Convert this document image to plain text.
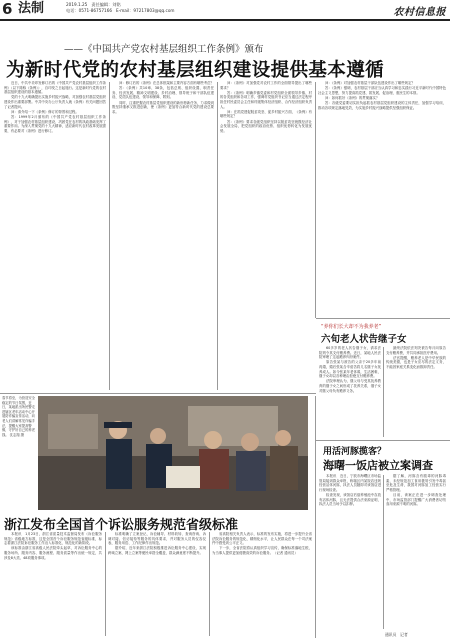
6 法制	2019.1.25 责任编辑：刘铭
电话：0571-86757166 E-mail：97217803@qq.com	农村信息报
——《中国共产党农村基层组织工作条例》颁布
为新时代党的农村基层组织建设提供基本遵循

近日，中共中央印发修订后的《中国共产党农村基层组织工作条例》（以下简称《条例》），自印发之日起施行。这是新时代党的农村基层组织建设的基本遵循。

党的十九大明确提出实施乡村振兴战略，对加强农村基层党组织建设作出重要部署。中共中央办公厅负责人就《条例》有关问题回答了记者提问。

问：请介绍一下《条例》修订的背景和过程。

答：1999年2月颁布的《中国共产党农村基层组织工作条例》，对于加强农村基层组织建设、巩固党在农村的执政基础发挥了重要作用。为深入贯彻党的十九大精神，适应新时代农村改革发展需要，有必要对《条例》进行修订。

问：修订后的《条例》在总体框架和主要内容方面有哪些考虑？

答：《条例》共10章、38条，包括总则、组织设置、职责任务、经济发展、精神文明建设、乡村治理、领导班子和干部队伍建设、党员队伍建设、领导和保障、附则。

同时，注重把握农村基层党组织建设的新形势新任务，力求做到既坚持继承又推进创新，使《条例》更加符合新时代党的建设总要求。

问：《条例》对加强党对农村工作的全面领导提出了哪些要求？

答：《条例》明确乡镇党委和村党组织全面领导乡镇、村的各类组织和各项工作，强调村党组织书记应当通过法定程序担任村民委员会主任和村级集体经济组织、合作经济组织负责人。

问：在抓党建促脱贫攻坚、促乡村振兴方面，《条例》有哪些规定？

答：《条例》要求各级党组织坚持以脱贫攻坚统揽经济社会发展全局，把党组织的政治优势、组织优势转化为发展优势。

问：《条例》对加强农村基层干部队伍建设作出了哪些规定？

答：《条例》强调，农村基层干部应当认真学习和忠实践行习近平新时代中国特色社会主义思想，努力提高抓党建、抓发展、促治理、惠民生的本领。

问：如何抓好《条例》的贯彻落实？

答：各级党委要切实担负起抓农村基层党组织建设的主体责任，加强学习培训，推动各项规定落地见效，为实施乡村振兴战略提供坚强组织保证。

春节将至，为营造安全稳定的节日氛围，近日，某地派出所民警走进辖区老年活动中心开展防诈骗宣传活动，向老人们讲解常见诈骗手法，提醒大家提高警惕，守护好自己的养老钱。 沈志翔 摄
浙江发布全国首个诉讼服务规范省级标准

本报讯　1月23日，浙江省质量技术监督局发布《诉讼服务规范》省级地方标准，这是全国首个诉讼服务规范省级标准，标志着浙江法院诉讼服务工作迈入标准化、规范化的新阶段。

该标准由浙江省高级人民法院牵头起草，对诉讼服务中心的服务场所、服务内容、服务流程、服务质量等作出统一规定，共涉及8大类、48项服务事项。

标准明确了立案登记、诉讼辅导、材料收转、查询咨询、诉调对接、信访接待等服务的具体要求，并对服务人员的仪容仪表、服务用语、工作纪律作出规范。

据介绍，近年来浙江法院积极推进诉讼服务中心建设，实现跨域立案、网上立案等便民举措全覆盖，群众满意度不断提升。

省高院相关负责人表示，标准的发布实施，将进一步提升全省法院诉讼服务的规范化、精细化水平，让人民群众在每一个司法案件中感受到公平正义。

下一步，全省法院将认真组织学习宣传，确保标准落地生根，为当事人提供更加便捷高效的诉讼服务。（记者 通讯员）

“养你们长大却不为我养老”
六旬老人状告继子女

60多岁的老人状告继子女，请求法院判令其支付赡养费。近日，某地人民法院审理了这起赡养纠纷案件。

原告张某与被告的父亲于20多年前再婚，婚后张某含辛茹苦将几名继子女抚养成人。如今张某年老体弱，生活困难，继子女却以各种理由拒绝支付赡养费。

法院审理认为，继父母与受其抚养教育的继子女之间形成了扶养关系，继子女对继父母负有赡养义务。

最终法院依法判决被告每月向原告支付赡养费，并共同承担医疗费用。

法官提醒，赡养老人是中华民族的传统美德，也是子女应尽的法定义务，不能因家庭关系变化而推卸责任。

用活河豚揽客？
海曙一饭店被立案调查

本报讯　近日，宁波市海曙区市场监管局接到群众举报，称辖区内某饭店违规经营活体河豚，执法人员随即对该饭店进行现场检查。

检查发现，该饭店后厨养殖池中存放有活体河豚，且无法提供合法来源证明，执法人员当场予以扣押。

据了解，河豚含有剧毒的河豚毒素，未经规范加工食用极易引发中毒甚至危及生命，我国对河豚加工经营实行严格管理。

目前，该案正在进一步调查处理中，市场监管部门提醒广大消费者切勿食用来源不明的河豚。

通讯员　记者
